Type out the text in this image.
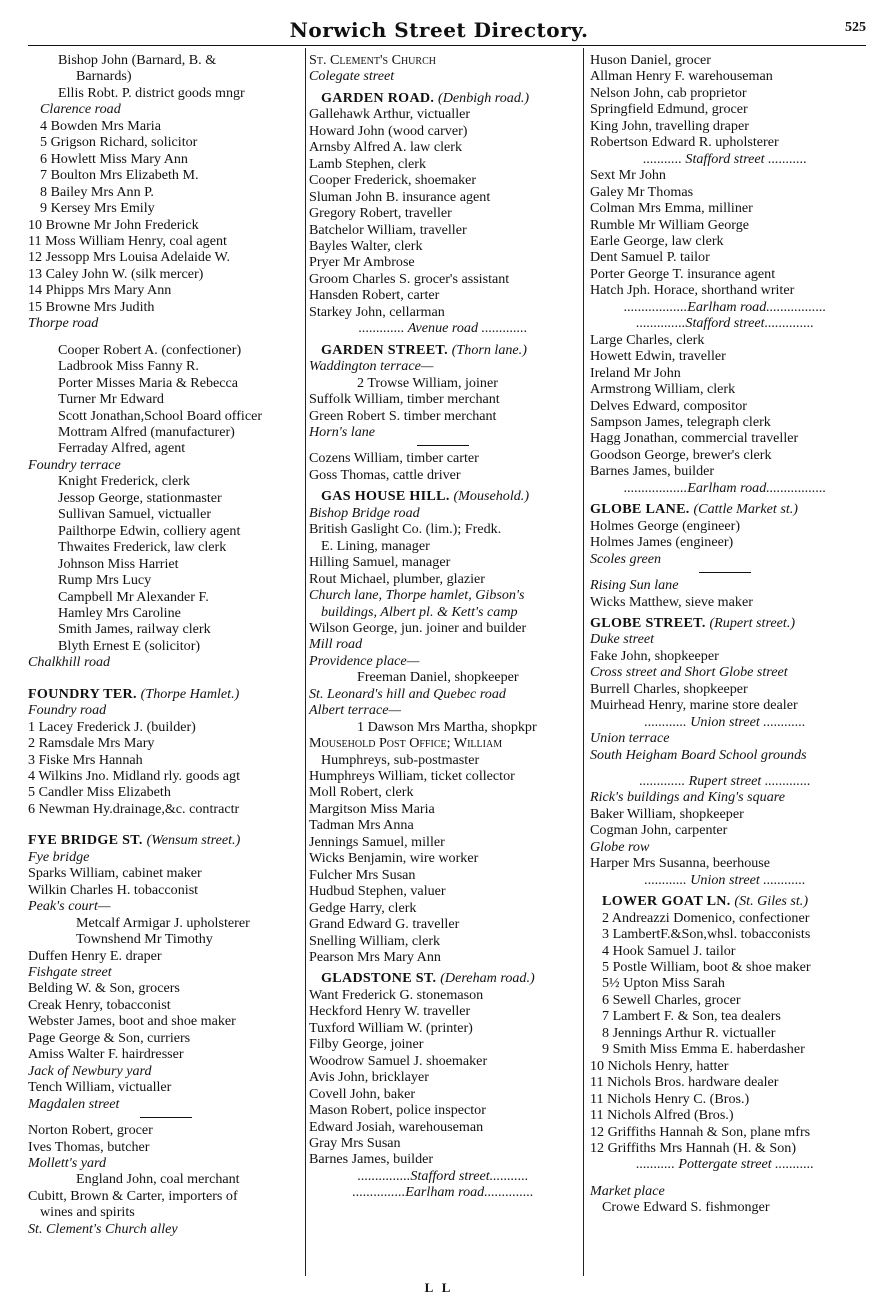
Norwich Street Directory.	525
Bishop John (Barnard, B. &
Barnards)
Ellis Robt. P. district goods mngr
Clarence road
4 Bowden Mrs Maria
5 Grigson Richard, solicitor
6 Howlett Miss Mary Ann
7 Boulton Mrs Elizabeth M.
8 Bailey Mrs Ann P.
9 Kersey Mrs Emily
10 Browne Mr John Frederick
11 Moss William Henry, coal agent
12 Jessopp Mrs Louisa Adelaide W.
13 Caley John W. (silk mercer)
14 Phipps Mrs Mary Ann
15 Browne Mrs Judith
Thorpe road
Cooper Robert A. (confectioner)
Ladbrook Miss Fanny R.
Porter Misses Maria & Rebecca
Turner Mr Edward
Scott Jonathan,School Board officer
Mottram Alfred (manufacturer)
Ferraday Alfred, agent
Foundry terrace
Knight Frederick, clerk
Jessop George, stationmaster
Sullivan Samuel, victualler
Pailthorpe Edwin, colliery agent
Thwaites Frederick, law clerk
Johnson Miss Harriet
Rump Mrs Lucy
Campbell Mr Alexander F.
Hamley Mrs Caroline
Smith James, railway clerk
Blyth Ernest E (solicitor)
Chalkhill road
FOUNDRY TER. (Thorpe Hamlet.)
Foundry road
1 Lacey Frederick J. (builder)
2 Ramsdale Mrs Mary
3 Fiske Mrs Hannah
4 Wilkins Jno. Midland rly. goods agt
5 Candler Miss Elizabeth
6 Newman Hy.drainage,&c. contractr
FYE BRIDGE ST. (Wensum street.)
Fye bridge
Sparks William, cabinet maker
Wilkin Charles H. tobacconist
Peak's court—
Metcalf Armigar J. upholsterer
Townshend Mr Timothy
Duffen Henry E. draper
Fishgate street
Belding W. & Son, grocers
Creak Henry, tobacconist
Webster James, boot and shoe maker
Page George & Son, curriers
Amiss Walter F. hairdresser
Jack of Newbury yard
Tench William, victualler
Magdalen street
Norton Robert, grocer
Ives Thomas, butcher
Mollett's yard
England John, coal merchant
Cubitt, Brown & Carter, importers of
wines and spirits
St. Clement's Church alley
St. Clement's Church
Colegate street
GARDEN ROAD. (Denbigh road.)
Gallehawk Arthur, victualler
Howard John (wood carver)
Arnsby Alfred A. law clerk
Lamb Stephen, clerk
Cooper Frederick, shoemaker
Sluman John B. insurance agent
Gregory Robert, traveller
Batchelor William, traveller
Bayles Walter, clerk
Pryer Mr Ambrose
Groom Charles S. grocer's assistant
Hansden Robert, carter
Starkey John, cellarman
............. Avenue road .............
GARDEN STREET. (Thorn lane.)
Waddington terrace—
2 Trowse William, joiner
Suffolk William, timber merchant
Green Robert S. timber merchant
Horn's lane
Cozens William, timber carter
Goss Thomas, cattle driver
GAS HOUSE HILL. (Mousehold.)
Bishop Bridge road
British Gaslight Co. (lim.); Fredk.
E. Lining, manager
Hilling Samuel, manager
Rout Michael, plumber, glazier
Church lane, Thorpe hamlet, Gibson's
buildings, Albert pl. & Kett's camp
Wilson George, jun. joiner and builder
Mill road
Providence place—
Freeman Daniel, shopkeeper
St. Leonard's hill and Quebec road
Albert terrace—
1 Dawson Mrs Martha, shopkpr
Mousehold Post Office; William
Humphreys, sub-postmaster
Humphreys William, ticket collector
Moll Robert, clerk
Margitson Miss Maria
Tadman Mrs Anna
Jennings Samuel, miller
Wicks Benjamin, wire worker
Fulcher Mrs Susan
Hudbud Stephen, valuer
Gedge Harry, clerk
Grand Edward G. traveller
Snelling William, clerk
Pearson Mrs Mary Ann
GLADSTONE ST. (Dereham road.)
Want Frederick G. stonemason
Heckford Henry W. traveller
Tuxford William W. (printer)
Filby George, joiner
Woodrow Samuel J. shoemaker
Avis John, bricklayer
Covell John, baker
Mason Robert, police inspector
Edward Josiah, warehouseman
Gray Mrs Susan
Barnes James, builder
...............Stafford street...........
...............Earlham road..............
Huson Daniel, grocer
Allman Henry F. warehouseman
Nelson John, cab proprietor
Springfield Edmund, grocer
King John, travelling draper
Robertson Edward R. upholsterer
........... Stafford street ...........
Sext Mr John
Galey Mr Thomas
Colman Mrs Emma, milliner
Rumble Mr William George
Earle George, law clerk
Dent Samuel P. tailor
Porter George T. insurance agent
Hatch Jph. Horace, shorthand writer
..................Earlham road.................
..............Stafford street..............
Large Charles, clerk
Howett Edwin, traveller
Ireland Mr John
Armstrong William, clerk
Delves Edward, compositor
Sampson James, telegraph clerk
Hagg Jonathan, commercial traveller
Goodson George, brewer's clerk
Barnes James, builder
..................Earlham road.................
GLOBE LANE. (Cattle Market st.)
Holmes George (engineer)
Holmes James (engineer)
Scoles green
Rising Sun lane
Wicks Matthew, sieve maker
GLOBE STREET. (Rupert street.)
Duke street
Fake John, shopkeeper
Cross street and Short Globe street
Burrell Charles, shopkeeper
Muirhead Henry, marine store dealer
............ Union street ............
Union terrace
South Heigham Board School grounds
............. Rupert street .............
Rick's buildings and King's square
Baker William, shopkeeper
Cogman John, carpenter
Globe row
Harper Mrs Susanna, beerhouse
............ Union street ............
LOWER GOAT LN. (St. Giles st.)
2 Andreazzi Domenico, confectioner
3 LambertF.&Son,whsl. tobacconists
4 Hook Samuel J. tailor
5 Postle William, boot & shoe maker
5½ Upton Miss Sarah
6 Sewell Charles, grocer
7 Lambert F. & Son, tea dealers
8 Jennings Arthur R. victualler
9 Smith Miss Emma E. haberdasher
10 Nichols Henry, hatter
11 Nichols Bros. hardware dealer
11 Nichols Henry C. (Bros.)
11 Nichols Alfred (Bros.)
12 Griffiths Hannah & Son, plane mfrs
12 Griffiths Mrs Hannah (H. & Son)
........... Pottergate street ...........
Market place
Crowe Edward S. fishmonger
L L
